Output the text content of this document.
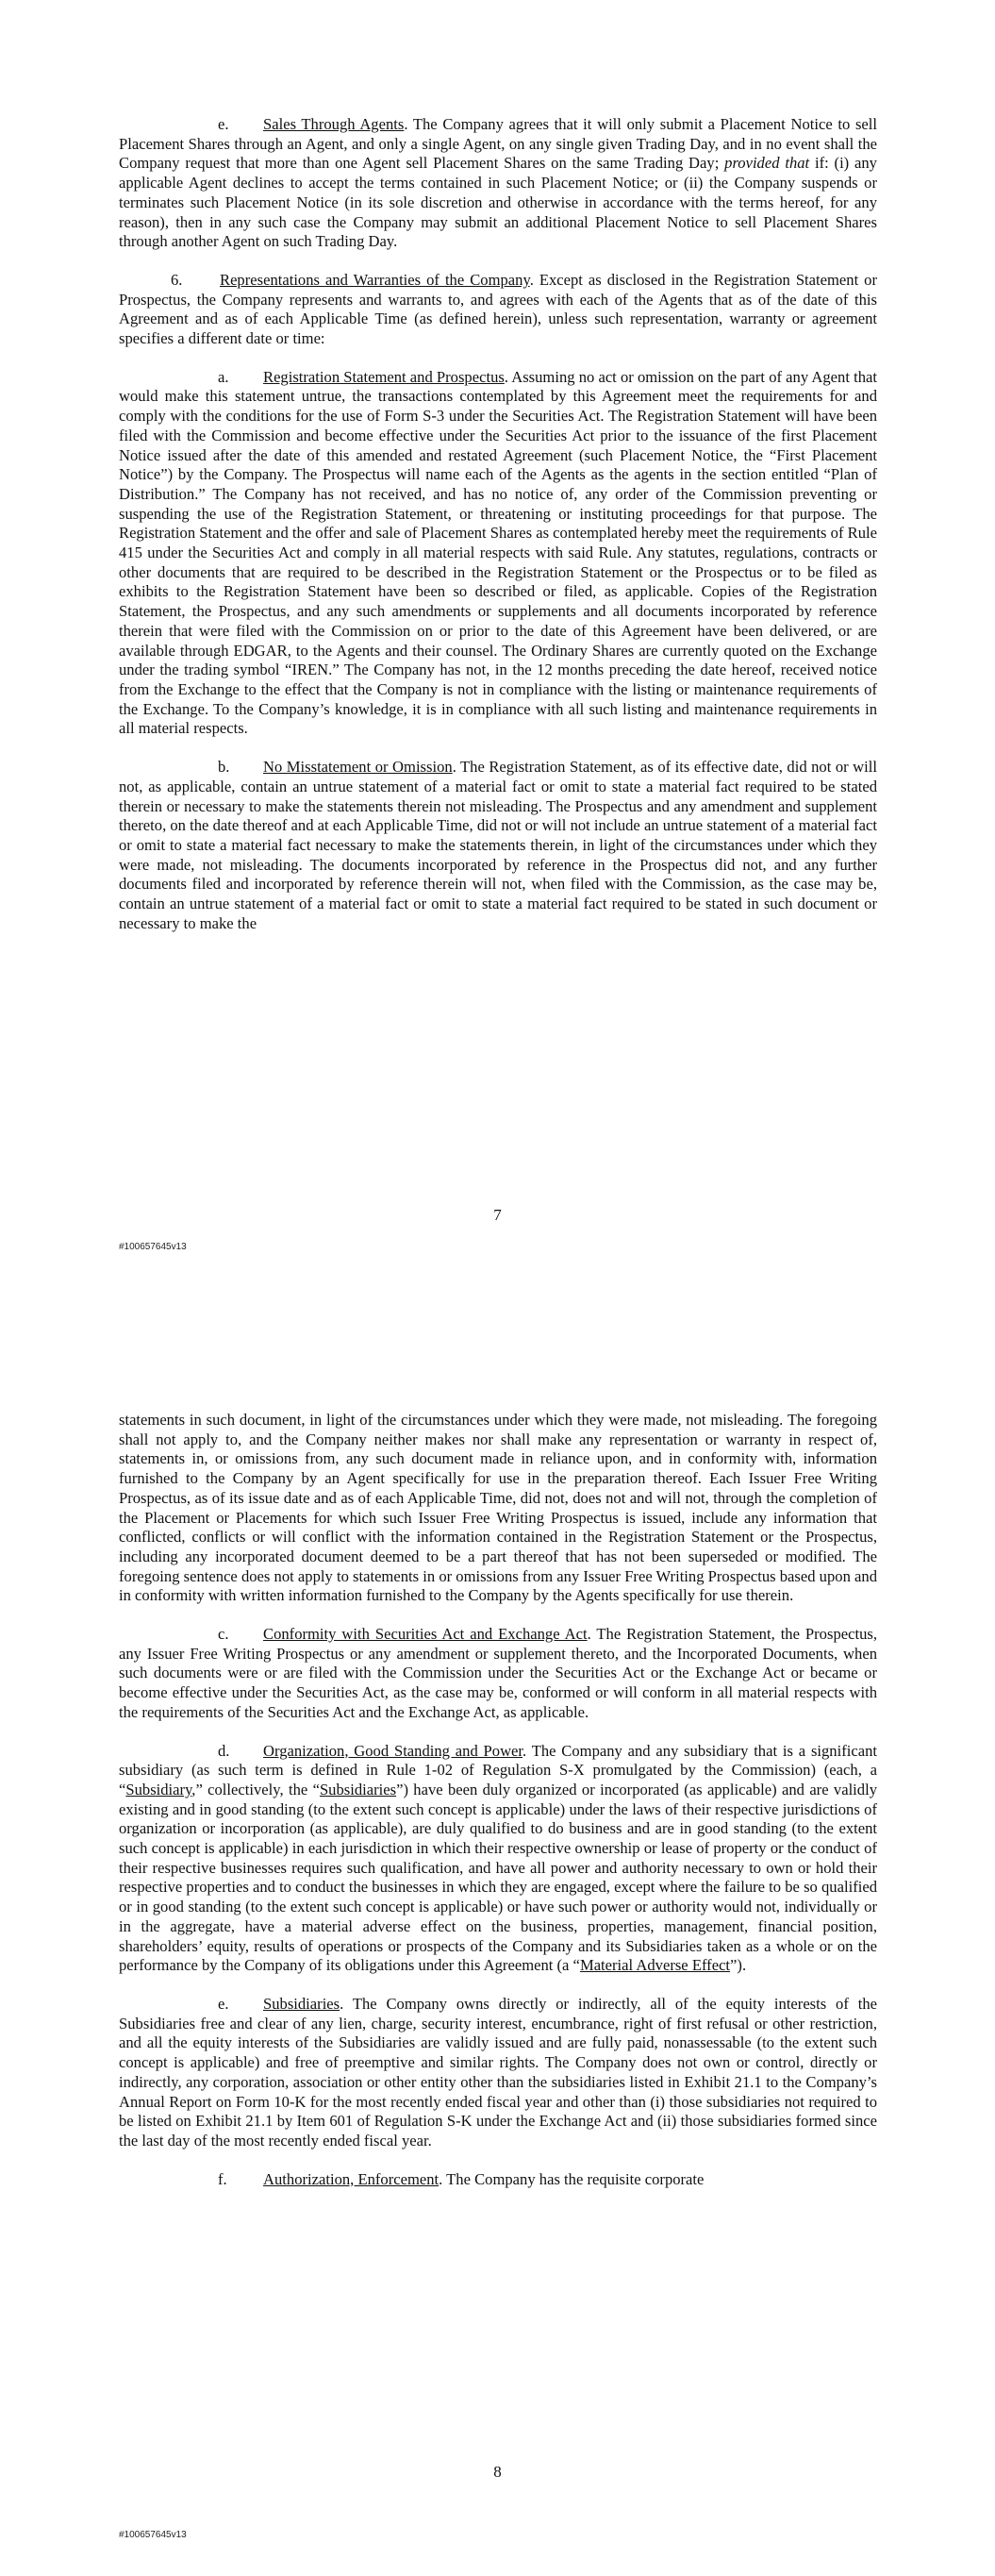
e. Sales Through Agents. The Company agrees that it will only submit a Placement Notice to sell Placement Shares through an Agent, and only a single Agent, on any single given Trading Day, and in no event shall the Company request that more than one Agent sell Placement Shares on the same Trading Day; provided that if: (i) any applicable Agent declines to accept the terms contained in such Placement Notice; or (ii) the Company suspends or terminates such Placement Notice (in its sole discretion and otherwise in accordance with the terms hereof, for any reason), then in any such case the Company may submit an additional Placement Notice to sell Placement Shares through another Agent on such Trading Day.

6. Representations and Warranties of the Company. Except as disclosed in the Registration Statement or Prospectus, the Company represents and warrants to, and agrees with each of the Agents that as of the date of this Agreement and as of each Applicable Time (as defined herein), unless such representation, warranty or agreement specifies a different date or time:

a. Registration Statement and Prospectus. Assuming no act or omission on the part of any Agent that would make this statement untrue, the transactions contemplated by this Agreement meet the requirements for and comply with the conditions for the use of Form S-3 under the Securities Act. The Registration Statement will have been filed with the Commission and become effective under the Securities Act prior to the issuance of the first Placement Notice issued after the date of this amended and restated Agreement (such Placement Notice, the “First Placement Notice”) by the Company. The Prospectus will name each of the Agents as the agents in the section entitled “Plan of Distribution.” The Company has not received, and has no notice of, any order of the Commission preventing or suspending the use of the Registration Statement, or threatening or instituting proceedings for that purpose. The Registration Statement and the offer and sale of Placement Shares as contemplated hereby meet the requirements of Rule 415 under the Securities Act and comply in all material respects with said Rule. Any statutes, regulations, contracts or other documents that are required to be described in the Registration Statement or the Prospectus or to be filed as exhibits to the Registration Statement have been so described or filed, as applicable. Copies of the Registration Statement, the Prospectus, and any such amendments or supplements and all documents incorporated by reference therein that were filed with the Commission on or prior to the date of this Agreement have been delivered, or are available through EDGAR, to the Agents and their counsel. The Ordinary Shares are currently quoted on the Exchange under the trading symbol “IREN.” The Company has not, in the 12 months preceding the date hereof, received notice from the Exchange to the effect that the Company is not in compliance with the listing or maintenance requirements of the Exchange. To the Company’s knowledge, it is in compliance with all such listing and maintenance requirements in all material respects.

b. No Misstatement or Omission. The Registration Statement, as of its effective date, did not or will not, as applicable, contain an untrue statement of a material fact or omit to state a material fact required to be stated therein or necessary to make the statements therein not misleading. The Prospectus and any amendment and supplement thereto, on the date thereof and at each Applicable Time, did not or will not include an untrue statement of a material fact or omit to state a material fact necessary to make the statements therein, in light of the circumstances under which they were made, not misleading. The documents incorporated by reference in the Prospectus did not, and any further documents filed and incorporated by reference therein will not, when filed with the Commission, as the case may be, contain an untrue statement of a material fact or omit to state a material fact required to be stated in such document or necessary to make the

7
#100657645v13

statements in such document, in light of the circumstances under which they were made, not misleading. The foregoing shall not apply to, and the Company neither makes nor shall make any representation or warranty in respect of, statements in, or omissions from, any such document made in reliance upon, and in conformity with, information furnished to the Company by an Agent specifically for use in the preparation thereof. Each Issuer Free Writing Prospectus, as of its issue date and as of each Applicable Time, did not, does not and will not, through the completion of the Placement or Placements for which such Issuer Free Writing Prospectus is issued, include any information that conflicted, conflicts or will conflict with the information contained in the Registration Statement or the Prospectus, including any incorporated document deemed to be a part thereof that has not been superseded or modified. The foregoing sentence does not apply to statements in or omissions from any Issuer Free Writing Prospectus based upon and in conformity with written information furnished to the Company by the Agents specifically for use therein.

c. Conformity with Securities Act and Exchange Act. The Registration Statement, the Prospectus, any Issuer Free Writing Prospectus or any amendment or supplement thereto, and the Incorporated Documents, when such documents were or are filed with the Commission under the Securities Act or the Exchange Act or became or become effective under the Securities Act, as the case may be, conformed or will conform in all material respects with the requirements of the Securities Act and the Exchange Act, as applicable.

d. Organization, Good Standing and Power. The Company and any subsidiary that is a significant subsidiary (as such term is defined in Rule 1-02 of Regulation S-X promulgated by the Commission) (each, a “Subsidiary,” collectively, the “Subsidiaries”) have been duly organized or incorporated (as applicable) and are validly existing and in good standing (to the extent such concept is applicable) under the laws of their respective jurisdictions of organization or incorporation (as applicable), are duly qualified to do business and are in good standing (to the extent such concept is applicable) in each jurisdiction in which their respective ownership or lease of property or the conduct of their respective businesses requires such qualification, and have all power and authority necessary to own or hold their respective properties and to conduct the businesses in which they are engaged, except where the failure to be so qualified or in good standing (to the extent such concept is applicable) or have such power or authority would not, individually or in the aggregate, have a material adverse effect on the business, properties, management, financial position, shareholders’ equity, results of operations or prospects of the Company and its Subsidiaries taken as a whole or on the performance by the Company of its obligations under this Agreement (a “Material Adverse Effect”).

e. Subsidiaries. The Company owns directly or indirectly, all of the equity interests of the Subsidiaries free and clear of any lien, charge, security interest, encumbrance, right of first refusal or other restriction, and all the equity interests of the Subsidiaries are validly issued and are fully paid, nonassessable (to the extent such concept is applicable) and free of preemptive and similar rights. The Company does not own or control, directly or indirectly, any corporation, association or other entity other than the subsidiaries listed in Exhibit 21.1 to the Company’s Annual Report on Form 10-K for the most recently ended fiscal year and other than (i) those subsidiaries not required to be listed on Exhibit 21.1 by Item 601 of Regulation S-K under the Exchange Act and (ii) those subsidiaries formed since the last day of the most recently ended fiscal year.

f. Authorization, Enforcement. The Company has the requisite corporate

8
#100657645v13
